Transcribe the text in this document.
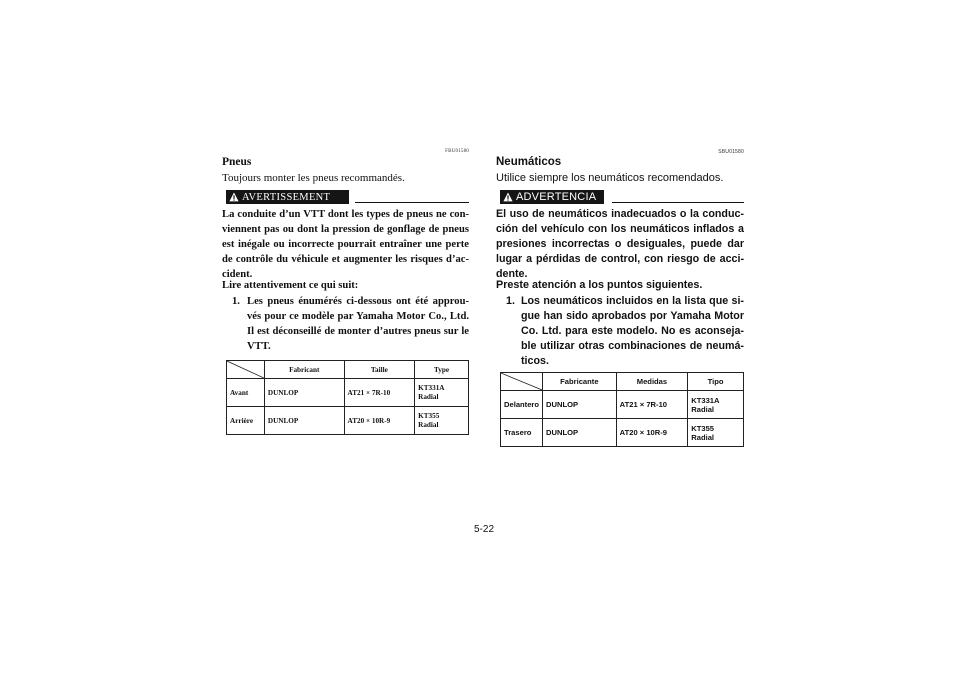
FBU01580
Pneus
Toujours monter les pneus recommandés.
AVERTISSEMENT
La conduite d’un VTT dont les types de pneus ne con- viennent pas ou dont la pression de gonflage de pneus est inégale ou incorrecte pourrait entraîner une perte de contrôle du véhicule et augmenter les risques d’ac- cident.
Lire attentivement ce qui suit:
1. Les pneus énumérés ci-dessous ont été approu- vés pour ce modèle par Yamaha Motor Co., Ltd. Il est déconseillé de monter d’autres pneus sur le VTT.
	Fabricant	Taille	Type
Avant	DUNLOP	AT21 × 7R-10	KT331A
Radial

Arrière	DUNLOP	AT20 × 10R-9	KT355
Radial
SBU01580
Neumáticos
Utilice siempre los neumáticos recomendados.
ADVERTENCIA
El uso de neumáticos inadecuados o la conduc- ción del vehículo con los neumáticos inflados a presiones incorrectas o desiguales, puede dar lugar a pérdidas de control, con riesgo de acci- dente.
Preste atención a los puntos siguientes.
1. Los neumáticos incluidos en la lista que si- gue han sido aprobados por Yamaha Motor Co. Ltd. para este modelo. No es aconseja- ble utilizar otras combinaciones de neumá- ticos.
	Fabricante	Medidas	Tipo
Delantero	DUNLOP	AT21 × 7R-10	KT331A
Radial

Trasero	DUNLOP	AT20 × 10R-9	KT355
Radial
5-22
